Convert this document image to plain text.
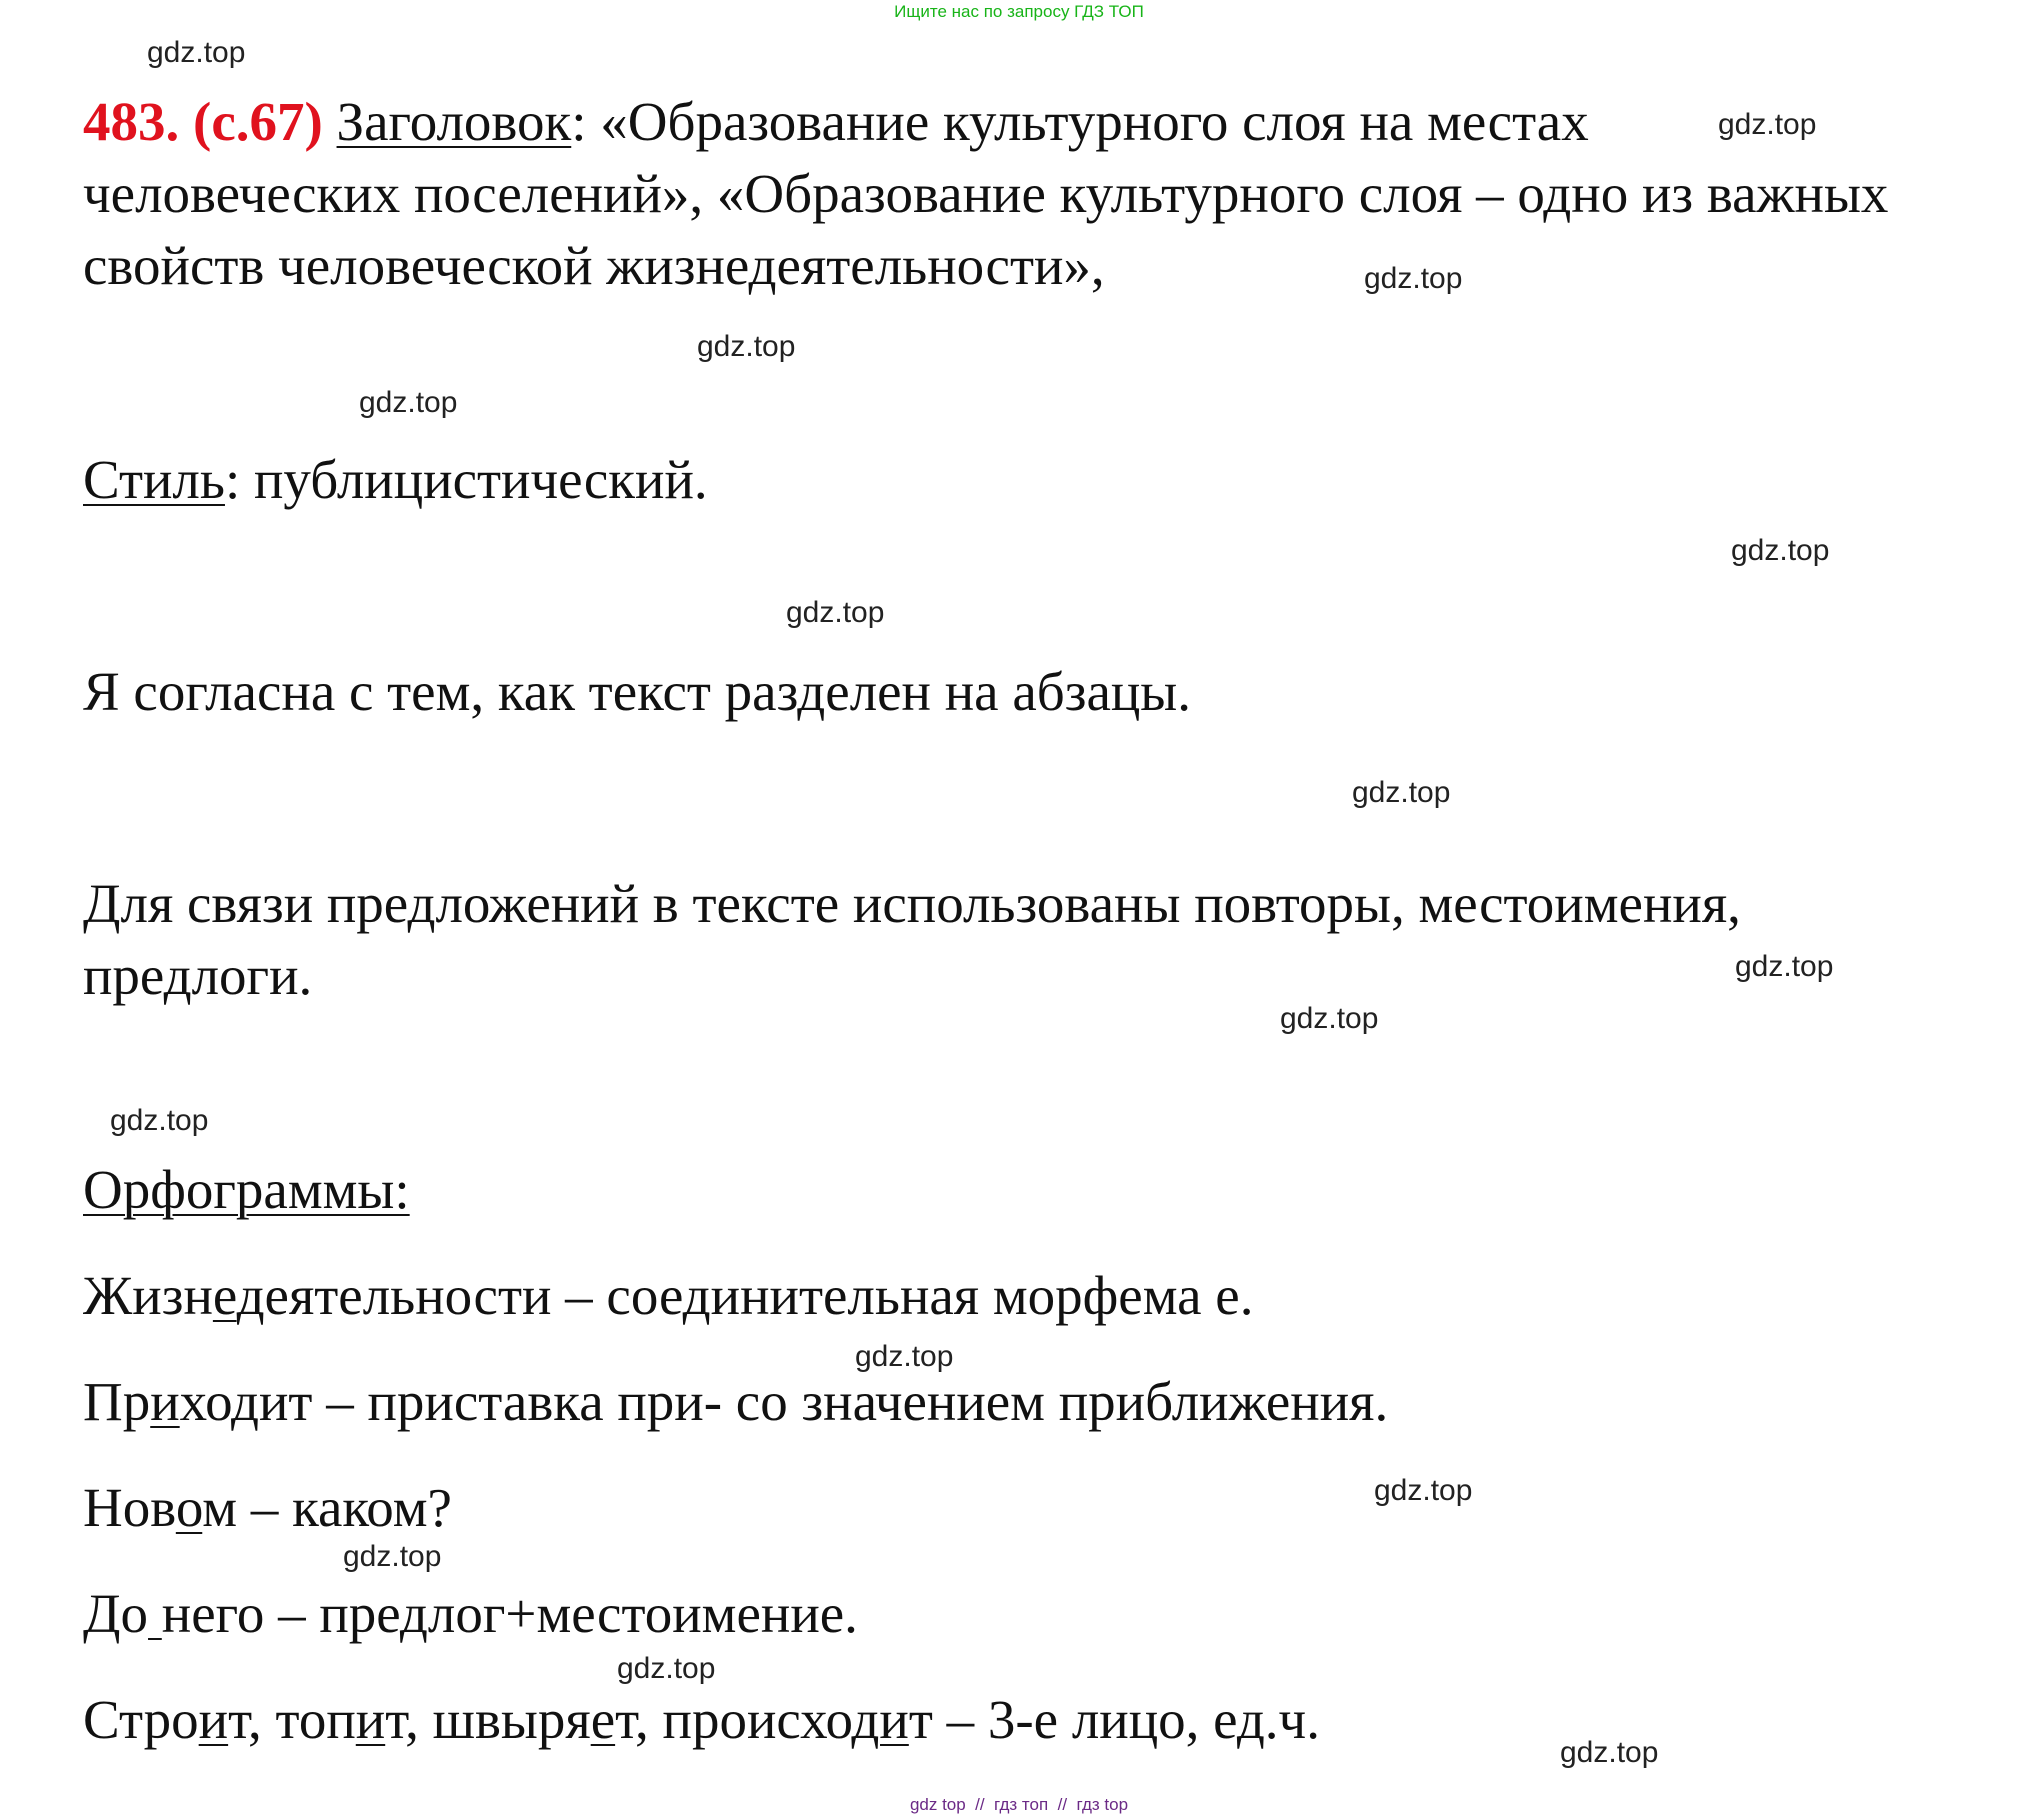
Ищите нас по запросу ГДЗ ТОП
483. (с.67) Заголовок: «Образование культурного слоя на местах
человеческих поселений», «Образование культурного слоя – одно из важных
свойств человеческой жизнедеятельности»,
Стиль: публицистический.
Я согласна с тем, как текст разделен на абзацы.
Для связи предложений в тексте использованы повторы, местоимения,
предлоги.
Орфограммы:
Жизнедеятельности – соединительная морфема е.
Приходит – приставка при- со значением приближения.
Новом – каком?
До него – предлог+местоимение.
Строит, топит, швыряет, происходит – 3-е лицо, ед.ч.
gdz.top
gdz.top
gdz.top
gdz.top
gdz.top
gdz.top
gdz.top
gdz.top
gdz.top
gdz.top
gdz.top
gdz.top
gdz.top
gdz.top
gdz.top
gdz.top
gdz top  //  гдз топ  //  гдз top
